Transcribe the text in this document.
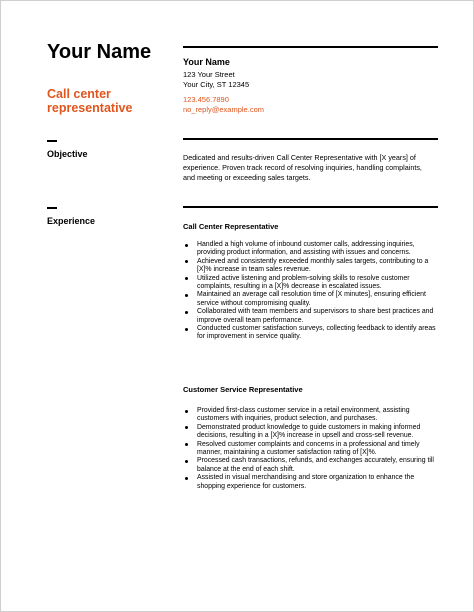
Your Name
Call center representative
Objective
Experience
Your Name
123 Your Street
Your City, ST 12345
123.456.7890
no_reply@example.com
Dedicated and results-driven Call Center Representative with [X years] of experience. Proven track record of resolving inquiries, handling complaints, and meeting or exceeding sales targets.
Call Center Representative
Handled a high volume of inbound customer calls, addressing inquiries, providing product information, and assisting with issues and concerns.
Achieved and consistently exceeded monthly sales targets, contributing to a [X]% increase in team sales revenue.
Utilized active listening and problem-solving skills to resolve customer complaints, resulting in a [X]% decrease in escalated issues.
Maintained an average call resolution time of [X minutes], ensuring efficient service without compromising quality.
Collaborated with team members and supervisors to share best practices and improve overall team performance.
Conducted customer satisfaction surveys, collecting feedback to identify areas for improvement in service quality.
Customer Service Representative
Provided first-class customer service in a retail environment, assisting customers with inquiries, product selection, and purchases.
Demonstrated product knowledge to guide customers in making informed decisions, resulting in a [X]% increase in upsell and cross-sell revenue.
Resolved customer complaints and concerns in a professional and timely manner, maintaining a customer satisfaction rating of [X]%.
Processed cash transactions, refunds, and exchanges accurately, ensuring till balance at the end of each shift.
Assisted in visual merchandising and store organization to enhance the shopping experience for customers.
